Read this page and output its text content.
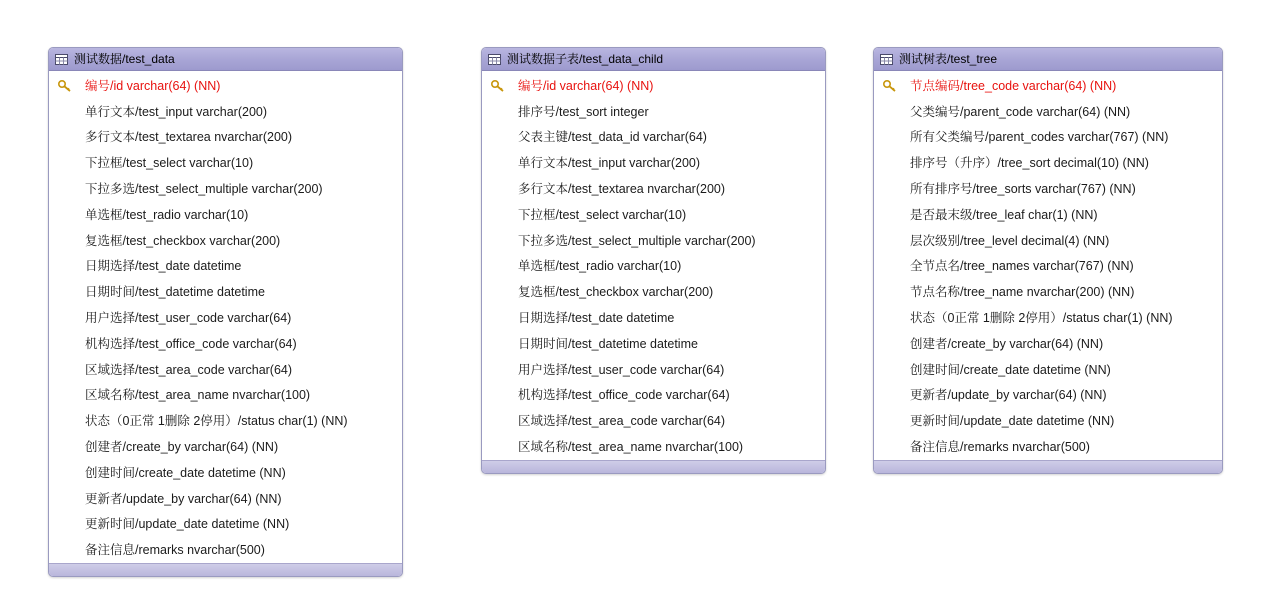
测试数据/test_data
编号/id varchar(64) (NN)
单行文本/test_input varchar(200)
多行文本/test_textarea nvarchar(200)
下拉框/test_select varchar(10)
下拉多选/test_select_multiple varchar(200)
单选框/test_radio varchar(10)
复选框/test_checkbox varchar(200)
日期选择/test_date datetime
日期时间/test_datetime datetime
用户选择/test_user_code varchar(64)
机构选择/test_office_code varchar(64)
区域选择/test_area_code varchar(64)
区域名称/test_area_name nvarchar(100)
状态（0正常 1删除 2停用）/status char(1) (NN)
创建者/create_by varchar(64) (NN)
创建时间/create_date datetime (NN)
更新者/update_by varchar(64) (NN)
更新时间/update_date datetime (NN)
备注信息/remarks nvarchar(500)
测试数据子表/test_data_child
编号/id varchar(64) (NN)
排序号/test_sort integer
父表主键/test_data_id varchar(64)
单行文本/test_input varchar(200)
多行文本/test_textarea nvarchar(200)
下拉框/test_select varchar(10)
下拉多选/test_select_multiple varchar(200)
单选框/test_radio varchar(10)
复选框/test_checkbox varchar(200)
日期选择/test_date datetime
日期时间/test_datetime datetime
用户选择/test_user_code varchar(64)
机构选择/test_office_code varchar(64)
区域选择/test_area_code varchar(64)
区域名称/test_area_name nvarchar(100)
测试树表/test_tree
节点编码/tree_code varchar(64) (NN)
父类编号/parent_code varchar(64) (NN)
所有父类编号/parent_codes varchar(767) (NN)
排序号（升序）/tree_sort decimal(10) (NN)
所有排序号/tree_sorts varchar(767) (NN)
是否最末级/tree_leaf char(1) (NN)
层次级别/tree_level decimal(4) (NN)
全节点名/tree_names varchar(767) (NN)
节点名称/tree_name nvarchar(200) (NN)
状态（0正常 1删除 2停用）/status char(1) (NN)
创建者/create_by varchar(64) (NN)
创建时间/create_date datetime (NN)
更新者/update_by varchar(64) (NN)
更新时间/update_date datetime (NN)
备注信息/remarks nvarchar(500)
